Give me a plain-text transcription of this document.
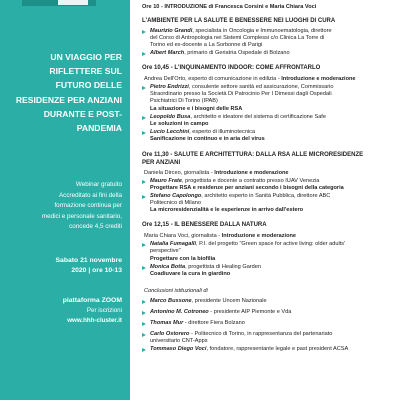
UN VIAGGIO PER
RIFLETTERE SUL
FUTURO DELLE
RESIDENZE PER ANZIANI
DURANTE E POST-
PANDEMIA
Webinar gratuito
Accreditato ai fini della
formazione continua per
medici e personale sanitario,
concede 4,5 crediti
Sabato 21 novembre
2020 | ore 10-13
piattaforma ZOOM
Per iscrizioni
www.hhh-cluster.it
Ore 10 - INTRODUZIONE di Francesca Corsini e Maria Chiara Voci
L'AMBIENTE PER LA SALUTE E BENESSERE NEI LUOGHI DI CURA
Maurizio Grandi, specialista in Oncologia e Immunoematologia, direttore
del Corso di Antropologia nei Sistemi Complessi c/o Clinica La Torre di
Torino ed ex-docente a La Sorbonne di Parigi
Albert March, primario di Geriatria Ospedale di Bolzano
Ore 10,45 - L'INQUINAMENTO INDOOR: COME AFFRONTARLO
Andrea Dell'Orto, esperto di comunicazione in edilizia - Introduzione e moderazione
Pietro Endrizzi, consulente settore sanità ed assicurazione, Commissario
Straordinario presso la Società Di Patrocinio Per I Dimessi dagli Ospedali
Psichiatrici Di Torino (IPAB)
La situazione e i bisogni delle RSA
Leopoldo Busa, architetto e ideatore del sistema di certificazione Safe
Le soluzioni in campo
Lucio Lecchini, esperto di illuminotecnica
Sanificazione in continuo e in aria del virus
Ore 11,30 - SALUTE E ARCHITETTURA: DALLA RSA ALLE MICRORESIDENZE
PER ANZIANI
Daniela Dirceo, giornalista - Introduzione e moderazione
Mauro Frate, progettista e docente a contratto presso IUAV Venezia
Progettare RSA e residenze per anziani secondo i bisogni della categoria
Stefano Capolongo, architetto esperto in Sanità Pubblica, direttore ABC
Politecnico di Milano
La microresidenzialità e le esperienze in arrivo dall'estero
Ore 12,15 - IL BENESSERE DALLA NATURA
Maria Chiara Voci, giornalista - Introduzione e moderazione
Natalia Fumagalli, P.I. del progetto "Green space for active living: older adults'
perspective"
Progettare con la biofilia
Monica Botta, progettista di Healing Garden
Coadiuvare la cura in giardino
Conclusioni istituzionali di
Marco Bussone, presidente Uncem Nazionale
Antonino M. Cotroneo - presidente AIP Piemonte e Vda
Thomas Mur - direttore Fiera Bolzano
Carlo Ostorero - Politecnico di Torino, in rappresentanza del partenariato
universitario CNT-Apps
Tommaso Diego Voci, fondatore, rappresentante legale e past president ACSA
